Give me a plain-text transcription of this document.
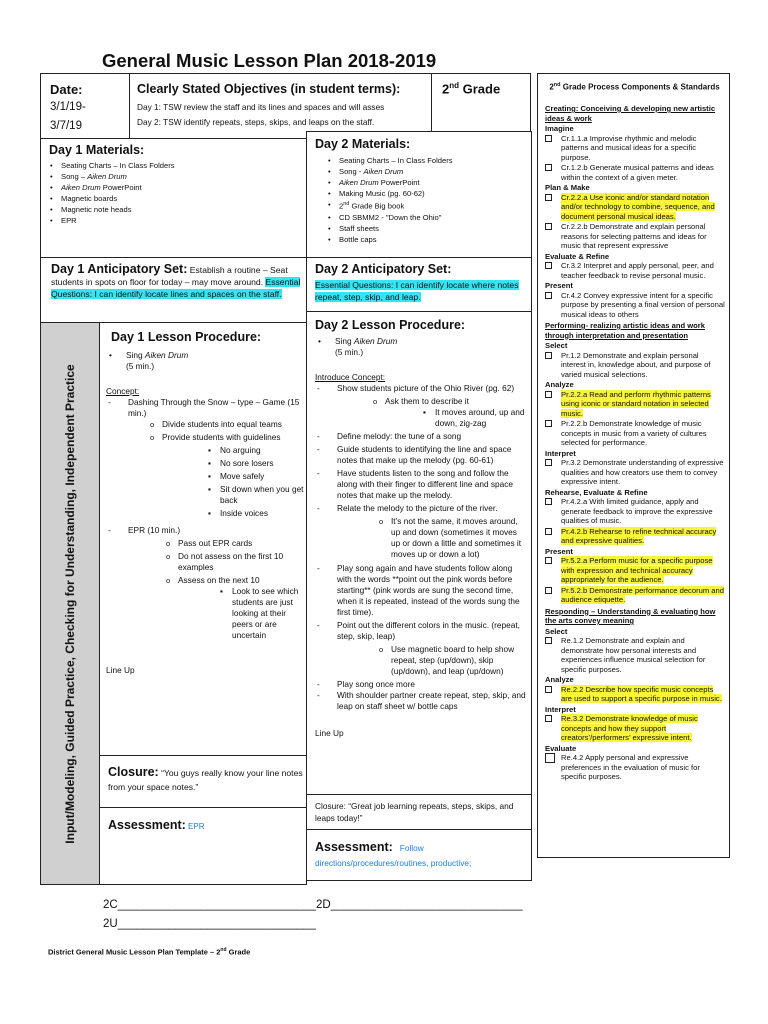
General Music Lesson Plan 2018-2019
Date:
3/1/19-
3/7/19
Clearly Stated Objectives (in student terms):
Day 1: TSW review the staff and its lines and spaces and will asses
Day 2: TSW identify repeats, steps, skips, and leaps on the staff.
2nd Grade
Day 1 Materials:
• Seating Charts – In Class Folders
• Song – Aiken Drum
• Aiken Drum PowerPoint
• Magnetic boards
• Magnetic note heads
• EPR
Day 2 Materials:
• Seating Charts – In Class Folders
• Song - Aiken Drum
• Aiken Drum PowerPoint
• Making Music (pg. 60-62)
• 2nd Grade Big book
• CD SBMM2 - "Down the Ohio"
• Staff sheets
• Bottle caps
Day 1 Anticipatory Set: Establish a routine – Seat students in spots on floor for today – may move around. Essential Questions: I can identify locate lines and spaces on the staff.
Day 2 Anticipatory Set:
Essential Questions: I can identify locate where notes repeat, step, skip, and leap.
Input/Modeling, Guided Practice, Checking for Understanding, Independent Practice
Day 1 Lesson Procedure:
• Sing Aiken Drum
(5 min.)
Concept:
- Dashing Through the Snow – type – Game (15 min.)
o Divide students into equal teams
o Provide students with guidelines
▪ No arguing
▪ No sore losers
▪ Move safely
▪ Sit down when you get back
▪ Inside voices
- EPR (10 min.)
o Pass out EPR cards
o Do not assess on the first 10 examples
o Assess on the next 10
▪ Look to see which students are just looking at their peers or are uncertain
Line Up
Closure: “You guys really know your line notes from your space notes.”
Assessment: EPR
Day 2 Lesson Procedure:
• Sing Aiken Drum
(5 min.)
Introduce Concept:
- Show students picture of the Ohio River (pg. 62)
o Ask them to describe it
▪ It moves around, up and down, zig-zag
- Define melody: the tune of a song
- Guide students to identifying the line and space notes that make up the melody (pg. 60-61)
- Have students listen to the song and follow the along with their finger to different line and space notes that make up the melody.
- Relate the melody to the picture of the river.
o It’s not the same, it moves around, up and down (sometimes it moves up or down a little and sometimes it moves up or down a lot)
- Play song again and have students follow along with the words **point out the pink words before starting** (pink words are sung the second time, when it is repeated, instead of the words sung the first time).
- Point out the different colors in the music. (repeat, step, skip, leap)
o Use magnetic board to help show repeat, step (up/down), skip (up/down), and leap (up/down)
- Play song once more
- With shoulder partner create repeat, step, skip, and leap on staff sheet w/ bottle caps
Line Up
Closure: “Great job learning repeats, steps, skips, and leaps today!”
Assessment: Follow
directions/procedures/routines, productive;
2nd Grade Process Components & Standards
Creating: Conceiving & developing new artistic ideas & work
Imagine
Cr.1.1.a Improvise rhythmic and melodic patterns and musical ideas for a specific purpose.
Cr.1.2.b Generate musical patterns and ideas within the context of a given meter.
Plan & Make
Cr.2.2.a Use iconic and/or standard notation and/or technology to combine, sequence, and document personal musical ideas.
Cr.2.2.b Demonstrate and explain personal reasons for selecting patterns and ideas for music that represent expressive
Evaluate & Refine
Cr.3.2 Interpret and apply personal, peer, and teacher feedback to revise personal music.
Present
Cr.4.2 Convey expressive intent for a specific purpose by presenting a final version of personal musical ideas to others
Performing- realizing artistic ideas and work through interpretation and presentation
Select
Pr.1.2 Demonstrate and explain personal interest in, knowledge about, and purpose of varied musical selections.
Analyze
Pr.2.2.a Read and perform rhythmic patterns using iconic or standard notation in selected music.
Pr.2.2.b Demonstrate knowledge of music concepts in music from a variety of cultures selected for performance.
Interpret
Pr.3.2 Demonstrate understanding of expressive qualities and how creators use them to convey expressive intent.
Rehearse, Evaluate & Refine
Pr.4.2.a With limited guidance, apply and generate feedback to improve the expressive qualities of music.
Pr.4.2.b Rehearse to refine technical accuracy and expressive qualities.
Present
Pr.5.2.a Perform music for a specific purpose with expression and technical accuracy appropriately for the audience.
Pr.5.2.b Demonstrate performance decorum and audience etiquette.
Responding – Understanding & evaluating how the arts convey meaning
Select
Re.1.2 Demonstrate and explain and demonstrate how personal interests and experiences influence musical selection for specific purposes.
Analyze
Re.2.2 Describe how specific music concepts are used to support a specific purpose in music.
Interpret
Re.3.2 Demonstrate knowledge of music concepts and how they support creators’/performers’ expressive intent.
Evaluate
Re.4.2 Apply personal and expressive preferences in the evaluation of music for specific purposes.
2C_______________________________ 2D______________________________
2U_______________________________
District General Music Lesson Plan Template – 2nd Grade
